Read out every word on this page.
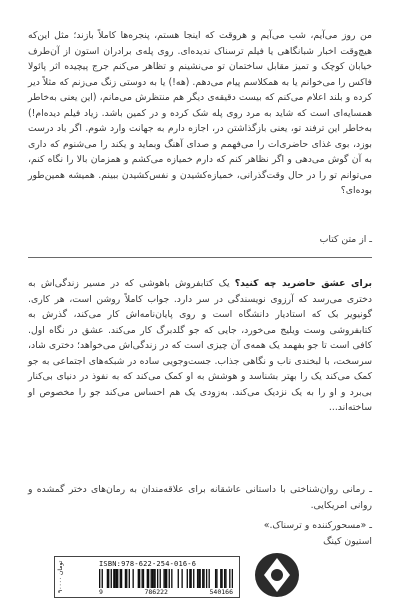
من روز می‌آیم، شب می‌آیم و هروقت که اینجا هستم، پنجره‌ها کاملاً بازند؛ مثل این‌که هیچ‌وقت اخبار شبانگاهی یا فیلم ترسناک ندیده‌ای. روی پله‌ی برادران استون از آن‌طرف خیابان کوچک و تمیز مقابل ساختمان تو می‌نشینم و تظاهر می‌کنم جرج پیچیده اثر پائولا فاکس را می‌خوانم یا به همکلاسم پیام می‌دهم. (هه!) یا به دوستی زنگ می‌زنم که مثلاً دیر کرده و بلند اعلام می‌کنم که بیست دقیقه‌ی دیگر هم منتظرش می‌مانم، (این یعنی به‌خاطر همسایه‌ای است که شاید به مرد روی پله شک کرده و در کمین باشد. زیاد فیلم دیده‌ام!) به‌خاطر این ترفند تو، یعنی بازگذاشتن در، اجازه دارم به جهانت وارد شوم. اگر باد درست بوزد، بوی غذای حاضری‌ات را می‌فهمم و صدای آهنگ وبماید و یکند را می‌شنوم که داری به آن گوش می‌دهی و اگر نظاهر کنم که دارم خمیازه می‌کشم و همزمان بالا را نگاه کنم، می‌توانم تو را در حال وقت‌گذرانی، خمیازه‌کشیدن و نفس‌کشیدن ببینم. همیشه همین‌طور بوده‌ای؟

ـ از متن کتاب

برای عشق حاضرید چه کنید؟ یک کتابفروش باهوشی که در مسیر زندگی‌اش به دختری می‌رسد که آرزوی نویسندگی در سر دارد. جواب کاملاً روشن است، هر کاری. گونیویر بک که استادیار دانشگاه است و روی پایان‌نامه‌اش کار می‌کند، گذرش به کتابفروشی وست ویلیج می‌خورد، جایی که جو گلدبرگ کار می‌کند. عشق در نگاه اول. کافی است تا جو بفهمد یک همه‌ی آن چیزی است که در زندگی‌اش می‌خواهد؛ دختری شاد، سرسخت، با لبخندی ناب و نگاهی جذاب. جست‌وجویی ساده در شبکه‌های اجتماعی به جو کمک می‌کند یک را بهتر بشناسد و هوشش به او کمک می‌کند که به نفوذ در دنیای بی‌کنار بی‌برد و او را به یک نزدیک می‌کند. به‌زودی یک هم احساس می‌کند جو را مخصوص او ساخته‌اند...

ـ رمانی روان‌شناختی با داستانی عاشقانه برای علاقه‌مندان به رمان‌های دختر گمشده و روانی امریکایی.

ـ «مسحورکننده و ترسناک.»

استیون کینگ

۹۰۰۰۰ تومان	ISBN:978-622-254-016-6
9	786222	540166
